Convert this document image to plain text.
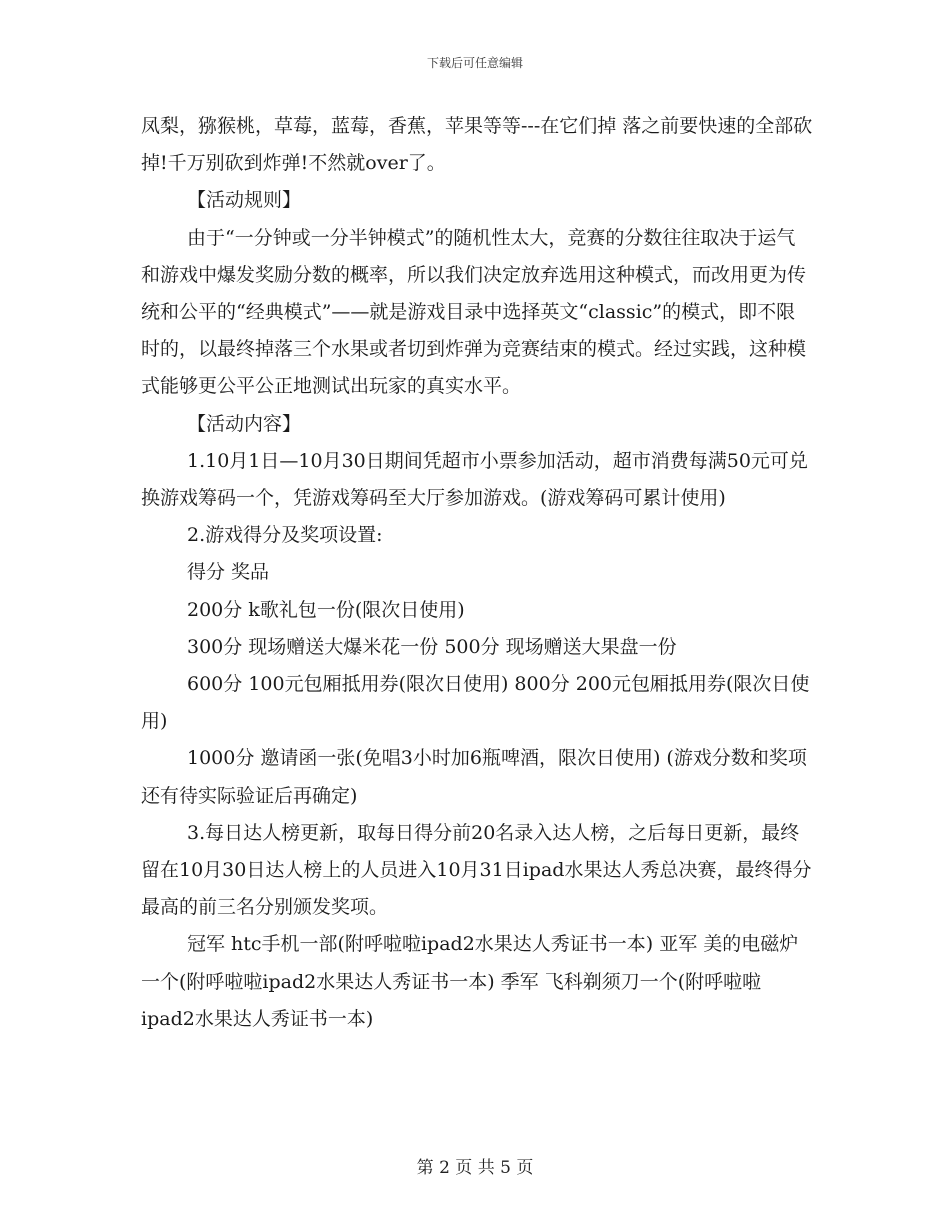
下载后可任意编辑

凤梨，猕猴桃，草莓，蓝莓，香蕉，苹果等等---在它们掉 落之前要快速的全部砍掉!千万别砍到炸弹!不然就over了。

【活动规则】

由于“一分钟或一分半钟模式”的随机性太大，竞赛的分数往往取决于运气和游戏中爆发奖励分数的概率，所以我们决定放弃选用这种模式，而改用更为传统和公平的“经典模式”——就是游戏目录中选择英文“classic”的模式，即不限时的，以最终掉落三个水果或者切到炸弹为竞赛结束的模式。经过实践，这种模式能够更公平公正地测试出玩家的真实水平。

【活动内容】

1.10月1日—10月30日期间凭超市小票参加活动，超市消费每满50元可兑换游戏筹码一个，凭游戏筹码至大厅参加游戏。(游戏筹码可累计使用)

2.游戏得分及奖项设置:

得分 奖品

200分 k歌礼包一份(限次日使用)

300分 现场赠送大爆米花一份 500分 现场赠送大果盘一份

600分 100元包厢抵用券(限次日使用) 800分 200元包厢抵用券(限次日使用)

1000分 邀请函一张(免唱3小时加6瓶啤酒，限次日使用) (游戏分数和奖项还有待实际验证后再确定)

3.每日达人榜更新，取每日得分前20名录入达人榜，之后每日更新，最终留在10月30日达人榜上的人员进入10月31日ipad水果达人秀总决赛，最终得分 最高的前三名分别颁发奖项。

冠军 htc手机一部(附呼啦啦ipad2水果达人秀证书一本) 亚军 美的电磁炉一个(附呼啦啦ipad2水果达人秀证书一本) 季军 飞科剃须刀一个(附呼啦啦ipad2水果达人秀证书一本)

第 2 页 共 5 页
